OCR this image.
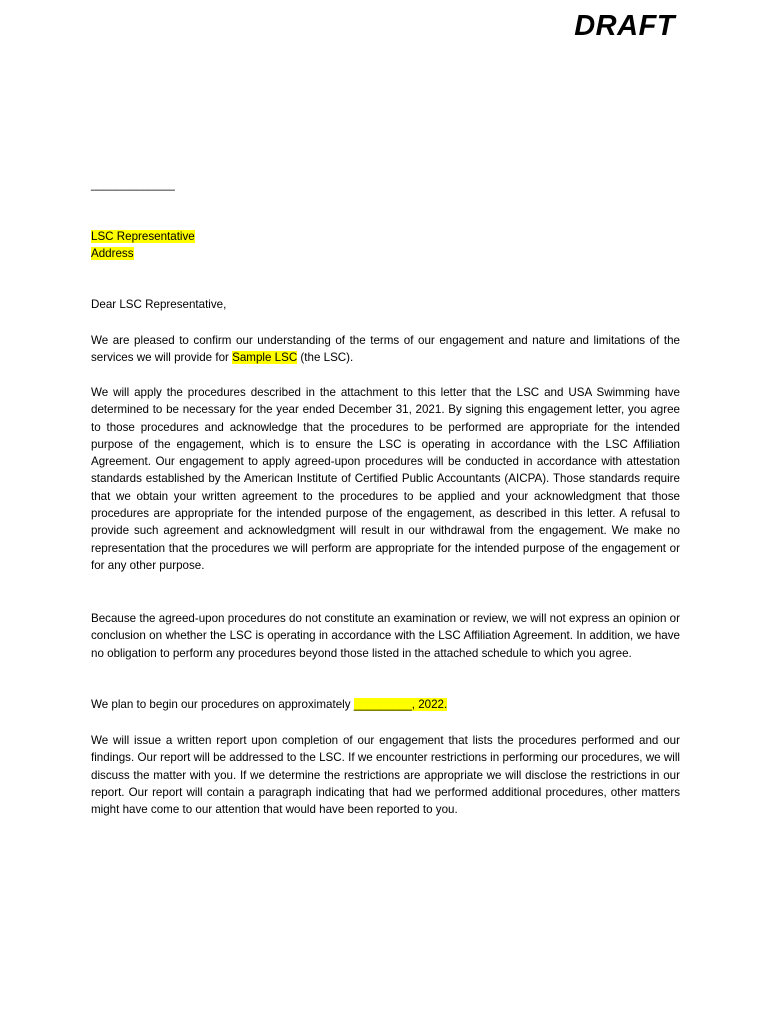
DRAFT
_____________
LSC Representative
Address
Dear LSC Representative,

We are pleased to confirm our understanding of the terms of our engagement and nature and limitations of the services we will provide for Sample LSC (the LSC).

We will apply the procedures described in the attachment to this letter that the LSC and USA Swimming have determined to be necessary for the year ended December 31, 2021. By signing this engagement letter, you agree to those procedures and acknowledge that the procedures to be performed are appropriate for the intended purpose of the engagement, which is to ensure the LSC is operating in accordance with the LSC Affiliation Agreement. Our engagement to apply agreed-upon procedures will be conducted in accordance with attestation standards established by the American Institute of Certified Public Accountants (AICPA). Those standards require that we obtain your written agreement to the procedures to be applied and your acknowledgment that those procedures are appropriate for the intended purpose of the engagement, as described in this letter. A refusal to provide such agreement and acknowledgment will result in our withdrawal from the engagement. We make no representation that the procedures we will perform are appropriate for the intended purpose of the engagement or for any other purpose.

Because the agreed-upon procedures do not constitute an examination or review, we will not express an opinion or conclusion on whether the LSC is operating in accordance with the LSC Affiliation Agreement. In addition, we have no obligation to perform any procedures beyond those listed in the attached schedule to which you agree.

We plan to begin our procedures on approximately _________, 2022.

We will issue a written report upon completion of our engagement that lists the procedures performed and our findings. Our report will be addressed to the LSC. If we encounter restrictions in performing our procedures, we will discuss the matter with you. If we determine the restrictions are appropriate we will disclose the restrictions in our report. Our report will contain a paragraph indicating that had we performed additional procedures, other matters might have come to our attention that would have been reported to you.
